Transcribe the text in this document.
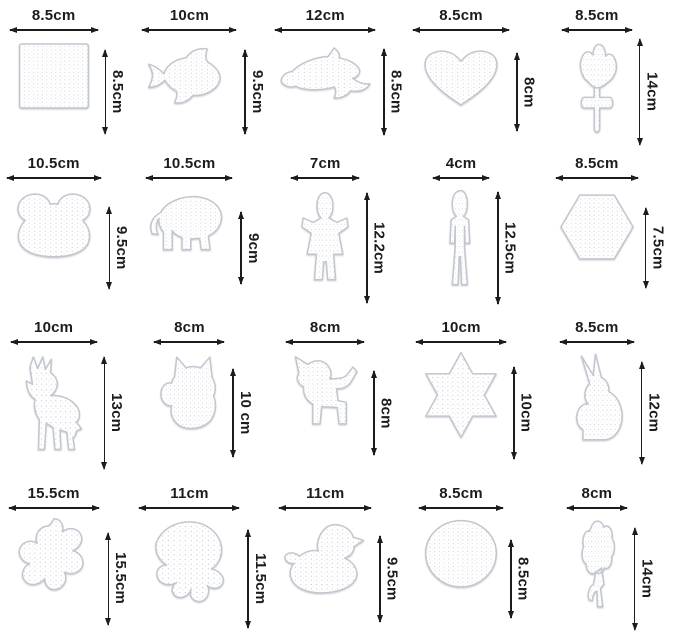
8.5cm
8.5cm
10cm
9.5cm
12cm
8.5cm
8.5cm
8cm
8.5cm
14cm
10.5cm
9.5cm
10.5cm
9cm
7cm
12.2cm
4cm
12.5cm
8.5cm
7.5cm
10cm
13cm
8cm
10 cm
8cm
8cm
10cm
10cm
8.5cm
12cm
15.5cm
15.5cm
11cm
11.5cm
11cm
9.5cm
8.5cm
8.5cm
8cm
14cm
